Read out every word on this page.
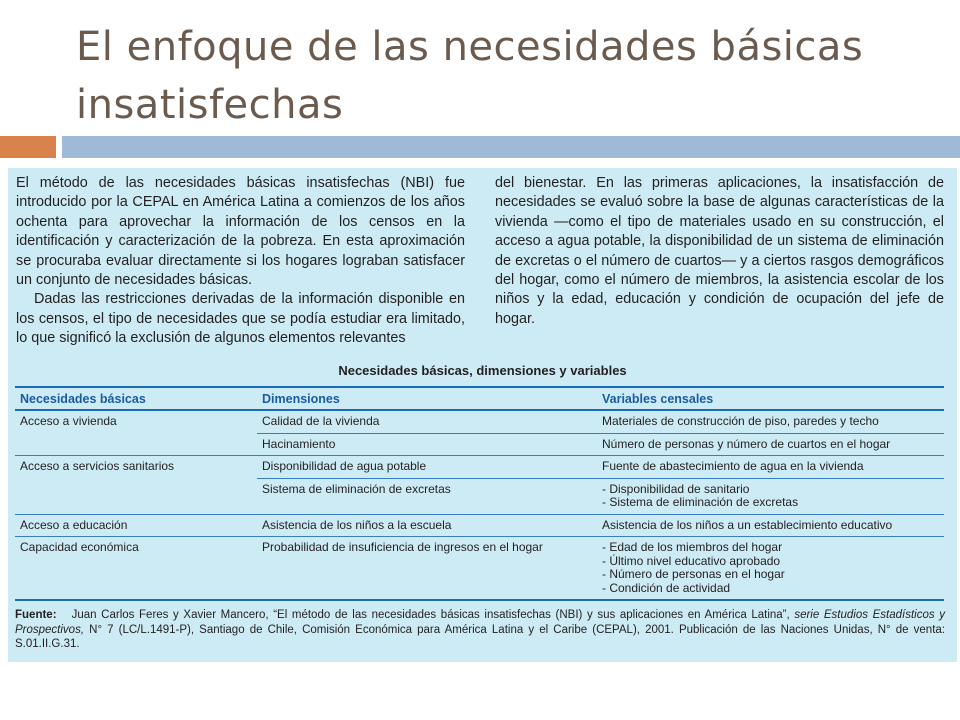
El enfoque de las necesidades básicas insatisfechas

El método de las necesidades básicas insatisfechas (NBI) fue introducido por la CEPAL en América Latina a comienzos de los años ochenta para aprovechar la información de los censos en la identificación y caracterización de la pobreza. En esta aproximación se procuraba evaluar directamente si los hogares lograban satisfacer un conjunto de necesidades básicas.

Dadas las restricciones derivadas de la información disponible en los censos, el tipo de necesidades que se podía estudiar era limitado, lo que significó la exclusión de algunos elementos relevantes

del bienestar. En las primeras aplicaciones, la insatisfacción de necesidades se evaluó sobre la base de algunas características de la vivienda —como el tipo de materiales usado en su construcción, el acceso a agua potable, la disponibilidad de un sistema de eliminación de excretas o el número de cuartos— y a ciertos rasgos demográficos del hogar, como el número de miembros, la asistencia escolar de los niños y la edad, educación y condición de ocupación del jefe de hogar.

Necesidades básicas, dimensiones y variables
Necesidades básicas	Dimensiones	Variables censales
Acceso a vivienda	Calidad de la vivienda	Materiales de construcción de piso, paredes y techo
	Hacinamiento	Número de personas y número de cuartos en el hogar
Acceso a servicios sanitarios	Disponibilidad de agua potable	Fuente de abastecimiento de agua en la vivienda
	Sistema de eliminación de excretas	- Disponibilidad de sanitario
- Sistema de eliminación de excretas

Acceso a educación	Asistencia de los niños a la escuela	Asistencia de los niños a un establecimiento educativo
Capacidad económica	Probabilidad de insuficiencia de ingresos en el hogar	- Edad de los miembros del hogar
- Último nivel educativo aprobado
- Número de personas en el hogar
- Condición de actividad
Fuente: Juan Carlos Feres y Xavier Mancero, “El método de las necesidades básicas insatisfechas (NBI) y sus aplicaciones en América Latina”, serie Estudios Estadísticos y Prospectivos, N° 7 (LC/L.1491-P), Santiago de Chile, Comisión Económica para América Latina y el Caribe (CEPAL), 2001. Publicación de las Naciones Unidas, N° de venta: S.01.II.G.31.
